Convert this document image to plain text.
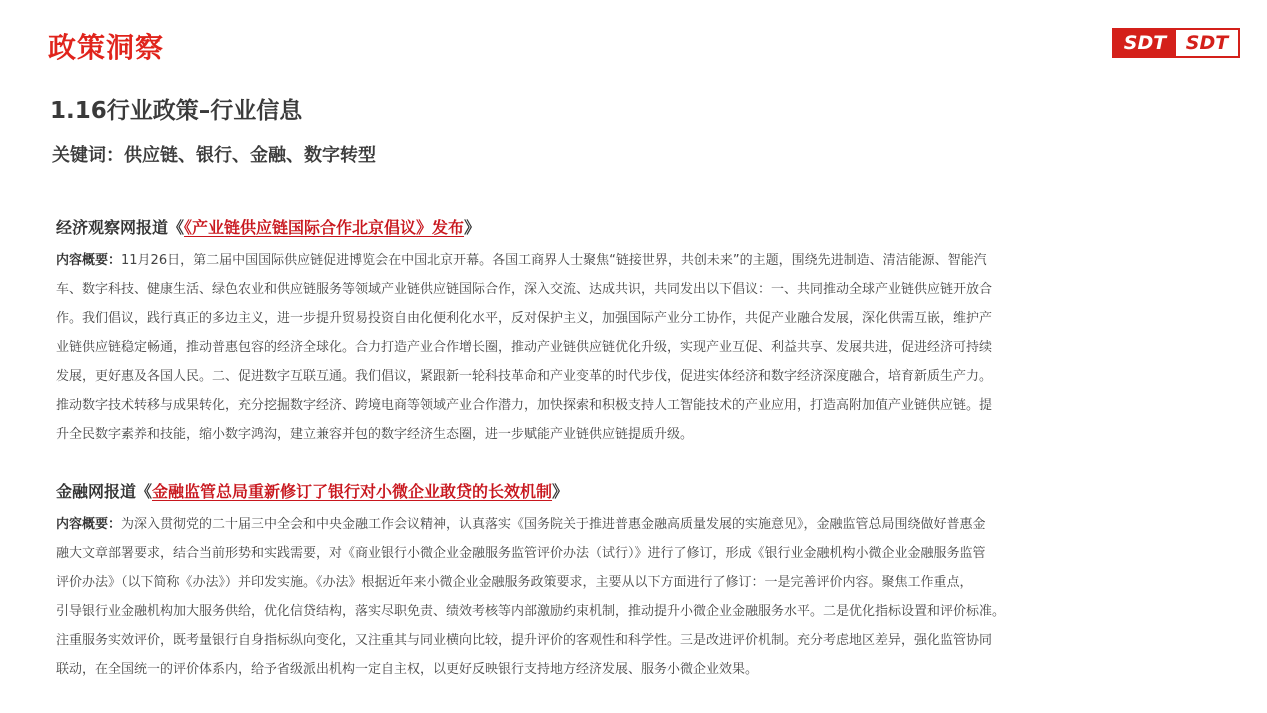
政策洞察	SDT	SDT
1.16行业政策–行业信息
关键词：供应链、银行、金融、数字转型
经济观察网报道《《产业链供应链国际合作北京倡议》发布》
内容概要：11月26日，第二届中国国际供应链促进博览会在中国北京开幕。各国工商界人士聚焦“链接世界，共创未来”的主题，围绕先进制造、清洁能源、智能汽
车、数字科技、健康生活、绿色农业和供应链服务等领域产业链供应链国际合作，深入交流、达成共识，共同发出以下倡议：一、共同推动全球产业链供应链开放合
作。我们倡议，践行真正的多边主义，进一步提升贸易投资自由化便利化水平，反对保护主义，加强国际产业分工协作，共促产业融合发展，深化供需互嵌，维护产
业链供应链稳定畅通，推动普惠包容的经济全球化。合力打造产业合作增长圈，推动产业链供应链优化升级，实现产业互促、利益共享、发展共进，促进经济可持续
发展，更好惠及各国人民。二、促进数字互联互通。我们倡议，紧跟新一轮科技革命和产业变革的时代步伐，促进实体经济和数字经济深度融合，培育新质生产力。
推动数字技术转移与成果转化，充分挖掘数字经济、跨境电商等领域产业合作潜力，加快探索和积极支持人工智能技术的产业应用，打造高附加值产业链供应链。提
升全民数字素养和技能，缩小数字鸿沟，建立兼容并包的数字经济生态圈，进一步赋能产业链供应链提质升级。
金融网报道《金融监管总局重新修订了银行对小微企业敢贷的长效机制》
内容概要：为深入贯彻党的二十届三中全会和中央金融工作会议精神，认真落实《国务院关于推进普惠金融高质量发展的实施意见》，金融监管总局围绕做好普惠金
融大文章部署要求，结合当前形势和实践需要，对《商业银行小微企业金融服务监管评价办法（试行）》进行了修订，形成《银行业金融机构小微企业金融服务监管
评价办法》（以下简称《办法》）并印发实施。《办法》根据近年来小微企业金融服务政策要求，主要从以下方面进行了修订：一是完善评价内容。聚焦工作重点，
引导银行业金融机构加大服务供给，优化信贷结构，落实尽职免责、绩效考核等内部激励约束机制，推动提升小微企业金融服务水平。二是优化指标设置和评价标准。
注重服务实效评价，既考量银行自身指标纵向变化，又注重其与同业横向比较，提升评价的客观性和科学性。三是改进评价机制。充分考虑地区差异，强化监管协同
联动，在全国统一的评价体系内，给予省级派出机构一定自主权，以更好反映银行支持地方经济发展、服务小微企业效果。
